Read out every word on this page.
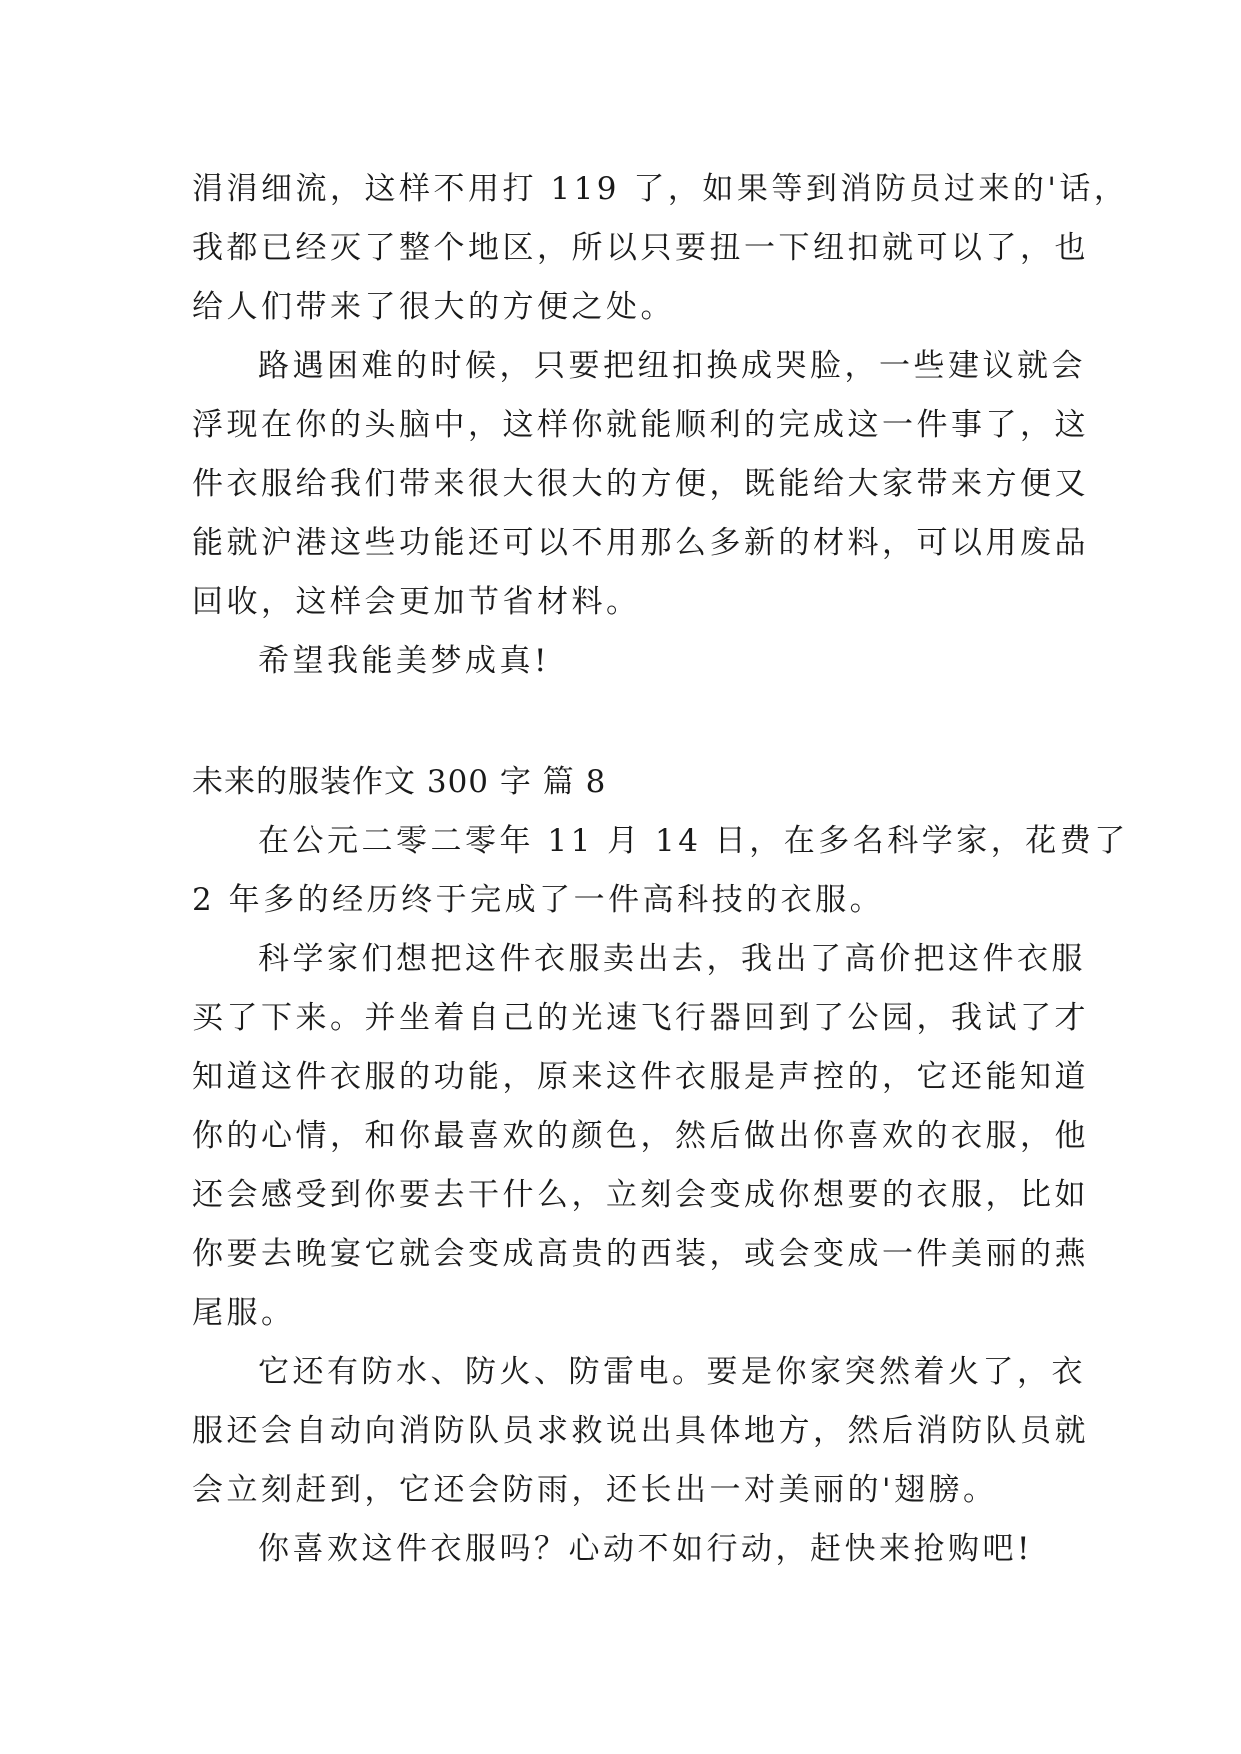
涓涓细流，这样不用打 119 了，如果等到消防员过来的'话，
我都已经灭了整个地区，所以只要扭一下纽扣就可以了，也
给人们带来了很大的方便之处。
路遇困难的时候，只要把纽扣换成哭脸，一些建议就会
浮现在你的头脑中，这样你就能顺利的完成这一件事了，这
件衣服给我们带来很大很大的方便，既能给大家带来方便又
能就沪港这些功能还可以不用那么多新的材料，可以用废品
回收，这样会更加节省材料。
希望我能美梦成真!
未来的服装作文 300 字 篇 8
在公元二零二零年 11 月 14 日，在多名科学家，花费了
2 年多的经历终于完成了一件高科技的衣服。
科学家们想把这件衣服卖出去，我出了高价把这件衣服
买了下来。并坐着自己的光速飞行器回到了公园，我试了才
知道这件衣服的功能，原来这件衣服是声控的，它还能知道
你的心情，和你最喜欢的颜色，然后做出你喜欢的衣服，他
还会感受到你要去干什么，立刻会变成你想要的衣服，比如
你要去晚宴它就会变成高贵的西装，或会变成一件美丽的燕
尾服。
它还有防水、防火、防雷电。要是你家突然着火了，衣
服还会自动向消防队员求救说出具体地方，然后消防队员就
会立刻赶到，它还会防雨，还长出一对美丽的'翅膀。
你喜欢这件衣服吗？心动不如行动，赶快来抢购吧!
